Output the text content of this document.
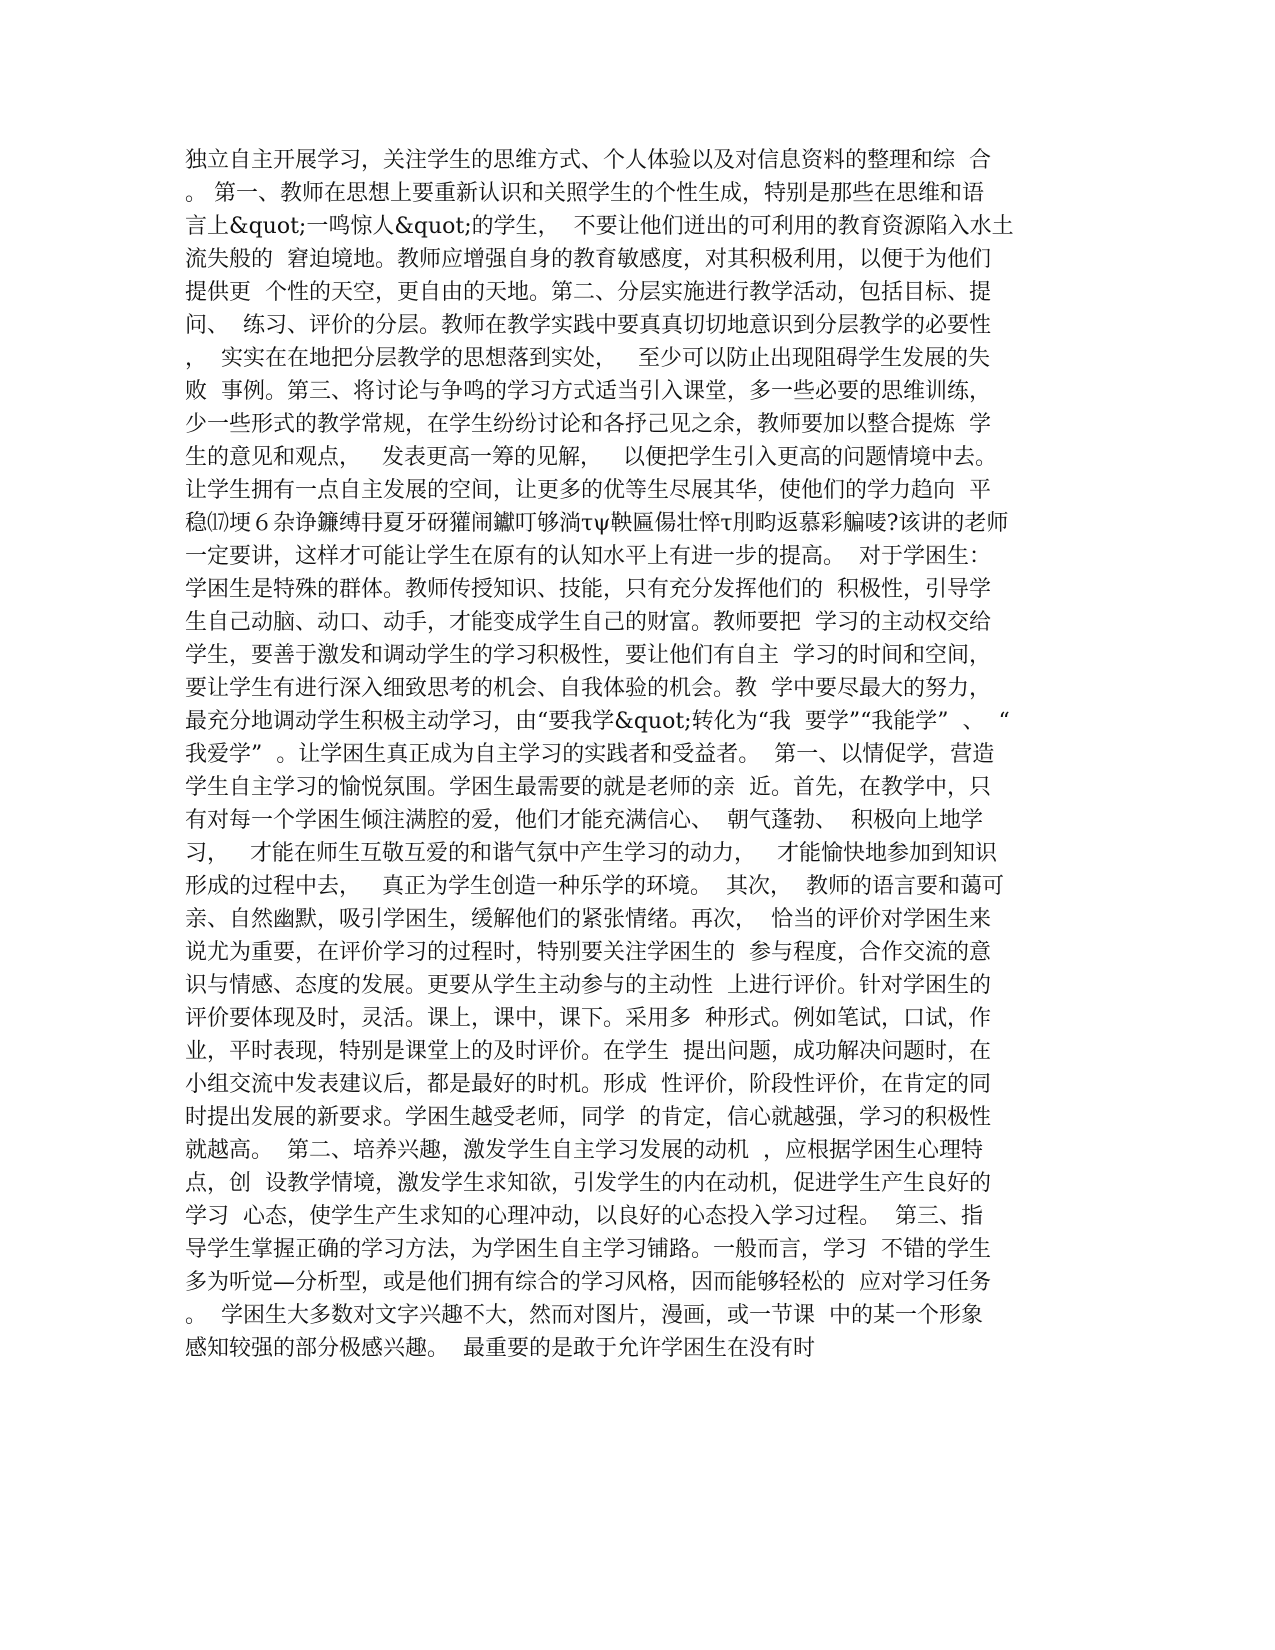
独立自主开展学习，关注学生的思维方式、个人体验以及对信息资料的整理和综  合
。 第一、教师在思想上要重新认识和关照学生的个性生成，特别是那些在思维和语
言上&quot;一鸣惊人&quot;的学生，  不要让他们迸出的可利用的教育资源陷入水土
流失般的  窘迫境地。教师应增强自身的教育敏感度，对其积极利用，以便于为他们
提供更  个性的天空，更自由的天地。第二、分层实施进行教学活动，包括目标、提
问、  练习、评价的分层。教师在教学实践中要真真切切地意识到分层教学的必要性
，  实实在在地把分层教学的思想落到实处，   至少可以防止出现阻碍学生发展的失
败  事例。第三、将讨论与争鸣的学习方式适当引入课堂，多一些必要的思维训练，
少一些形式的教学常规，在学生纷纷讨论和各抒己见之余，教师要加以整合提炼  学
生的意见和观点，   发表更高一筹的见解，   以便把学生引入更高的问题情境中去。
让学生拥有一点自主发展的空间，让更多的优等生尽展其华，使他们的学力趋向  平
稳⒄埂６杂诤鐮缚冄夏牙砑獾闹钀叮够淌τψ鞅匾偒壮悴τ刖畇返慕彩艑唛?该讲的老师
一定要讲，这样才可能让学生在原有的认知水平上有进一步的提高。  对于学困生：
学困生是特殊的群体。教师传授知识、技能，只有充分发挥他们的  积极性，引导学
生自己动脑、动口、动手，才能变成学生自己的财富。教师要把  学习的主动权交给
学生，要善于激发和调动学生的学习积极性，要让他们有自主  学习的时间和空间，
要让学生有进行深入细致思考的机会、自我体验的机会。教  学中要尽最大的努力，
最充分地调动学生积极主动学习，由“要我学&quot;转化为“我  要学”“我能学”  、  “
我爱学”  。让学困生真正成为自主学习的实践者和受益者。  第一、以情促学，营造
学生自主学习的愉悦氛围。学困生最需要的就是老师的亲  近。首先，在教学中，只
有对每一个学困生倾注满腔的爱，他们才能充满信心、  朝气蓬勃、  积极向上地学
习，   才能在师生互敬互爱的和谐气氛中产生学习的动力，   才能愉快地参加到知识
形成的过程中去，   真正为学生创造一种乐学的环境。  其次，  教师的语言要和蔼可
亲、自然幽默，吸引学困生，缓解他们的紧张情绪。再次，  恰当的评价对学困生来
说尤为重要，在评价学习的过程时，特别要关注学困生的  参与程度，合作交流的意
识与情感、态度的发展。更要从学生主动参与的主动性  上进行评价。针对学困生的
评价要体现及时，灵活。课上，课中，课下。采用多  种形式。例如笔试，口试，作
业，平时表现，特别是课堂上的及时评价。在学生  提出问题，成功解决问题时，在
小组交流中发表建议后，都是最好的时机。形成  性评价，阶段性评价，在肯定的同
时提出发展的新要求。学困生越受老师，同学  的肯定，信心就越强，学习的积极性
就越高。  第二、培养兴趣，激发学生自主学习发展的动机  ，应根据学困生心理特
点，创  设教学情境，激发学生求知欲，引发学生的内在动机，促进学生产生良好的
学习  心态，使学生产生求知的心理冲动，以良好的心态投入学习过程。  第三、指
导学生掌握正确的学习方法，为学困生自主学习铺路。一般而言，学习  不错的学生
多为听觉—分析型，或是他们拥有综合的学习风格，因而能够轻松的  应对学习任务
。  学困生大多数对文字兴趣不大，然而对图片，漫画，或一节课  中的某一个形象
感知较强的部分极感兴趣。  最重要的是敢于允许学困生在没有时
